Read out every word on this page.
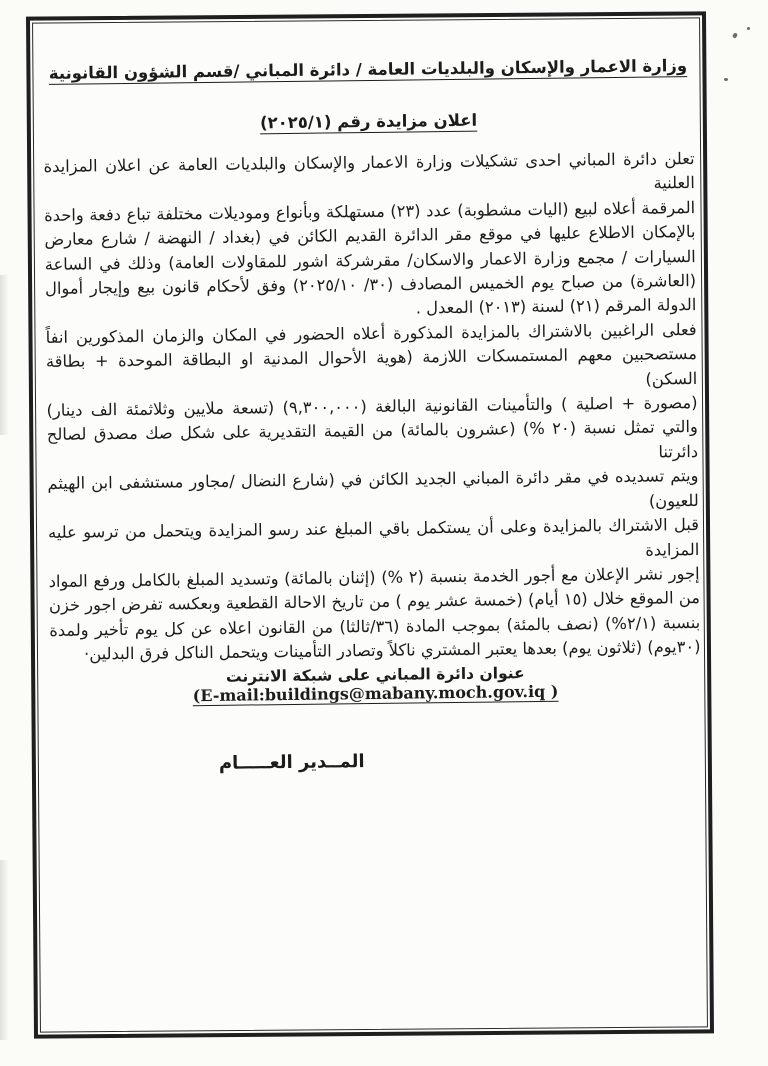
وزارة الاعمار والإسكان والبلديات العامة / دائرة المباني /قسم الشؤون القانونية
اعلان مزايدة رقم (٢٠٢٥/١)
تعلن دائرة المباني احدى تشكيلات وزارة الاعمار والإسكان والبلديات العامة عن اعلان المزايدة العلنية
المرقمة أعلاه لبيع (اليات مشطوبة) عدد (٢٣) مستهلكة وبأنواع وموديلات مختلفة تباع دفعة واحدة
بالإمكان الاطلاع عليها في موقع مقر الدائرة القديم الكائن في (بغداد / النهضة / شارع معارض
السيارات / مجمع وزارة الاعمار والاسكان/ مقرشركة اشور للمقاولات العامة) وذلك في الساعة
(العاشرة) من صباح يوم الخميس المصادف (٣٠/ ٢٠٢٥/١٠) وفق لأحكام قانون بيع وإيجار أموال
الدولة المرقم (٢١) لسنة (٢٠١٣) المعدل .
فعلى الراغبين بالاشتراك بالمزايدة المذكورة أعلاه الحضور في المكان والزمان المذكورين انفاً
مستصحبين معهم المستمسكات اللازمة (هوية الأحوال المدنية او البطاقة الموحدة + بطاقة السكن)
(مصورة + اصلية ) والتأمينات القانونية البالغة (٩,٣٠٠,٠٠٠) (تسعة ملايين وثلاثمئة الف دينار)
والتي تمثل نسبة (٢٠ %) (عشرون بالمائة) من القيمة التقديرية على شكل صك مصدق لصالح دائرتنا
ويتم تسديده في مقر دائرة المباني الجديد الكائن في (شارع النضال /مجاور مستشفى ابن الهيثم للعيون)
قبل الاشتراك بالمزايدة وعلى أن يستكمل باقي المبلغ عند رسو المزايدة ويتحمل من ترسو عليه المزايدة
إجور نشر الإعلان مع أجور الخدمة بنسبة (٢ %) (إثنان بالمائة) وتسديد المبلغ بالكامل ورفع المواد
من الموقع خلال (١٥ أيام) (خمسة عشر يوم ) من تاريخ الاحالة القطعية وبعكسه تفرض اجور خزن
بنسبة (٢/١%) (نصف بالمئة) بموجب المادة (٣٦/ثالثا) من القانون اعلاه عن كل يوم تأخير ولمدة
(٣٠يوم) (ثلاثون يوم) بعدها يعتبر المشتري ناكلاً وتصادر التأمينات ويتحمل الناكل فرق البدلين·
عنوان دائرة المباني على شبكة الانترنت (E-mail:buildings@mabany.moch.gov.iq )
المــدير العـــــام
